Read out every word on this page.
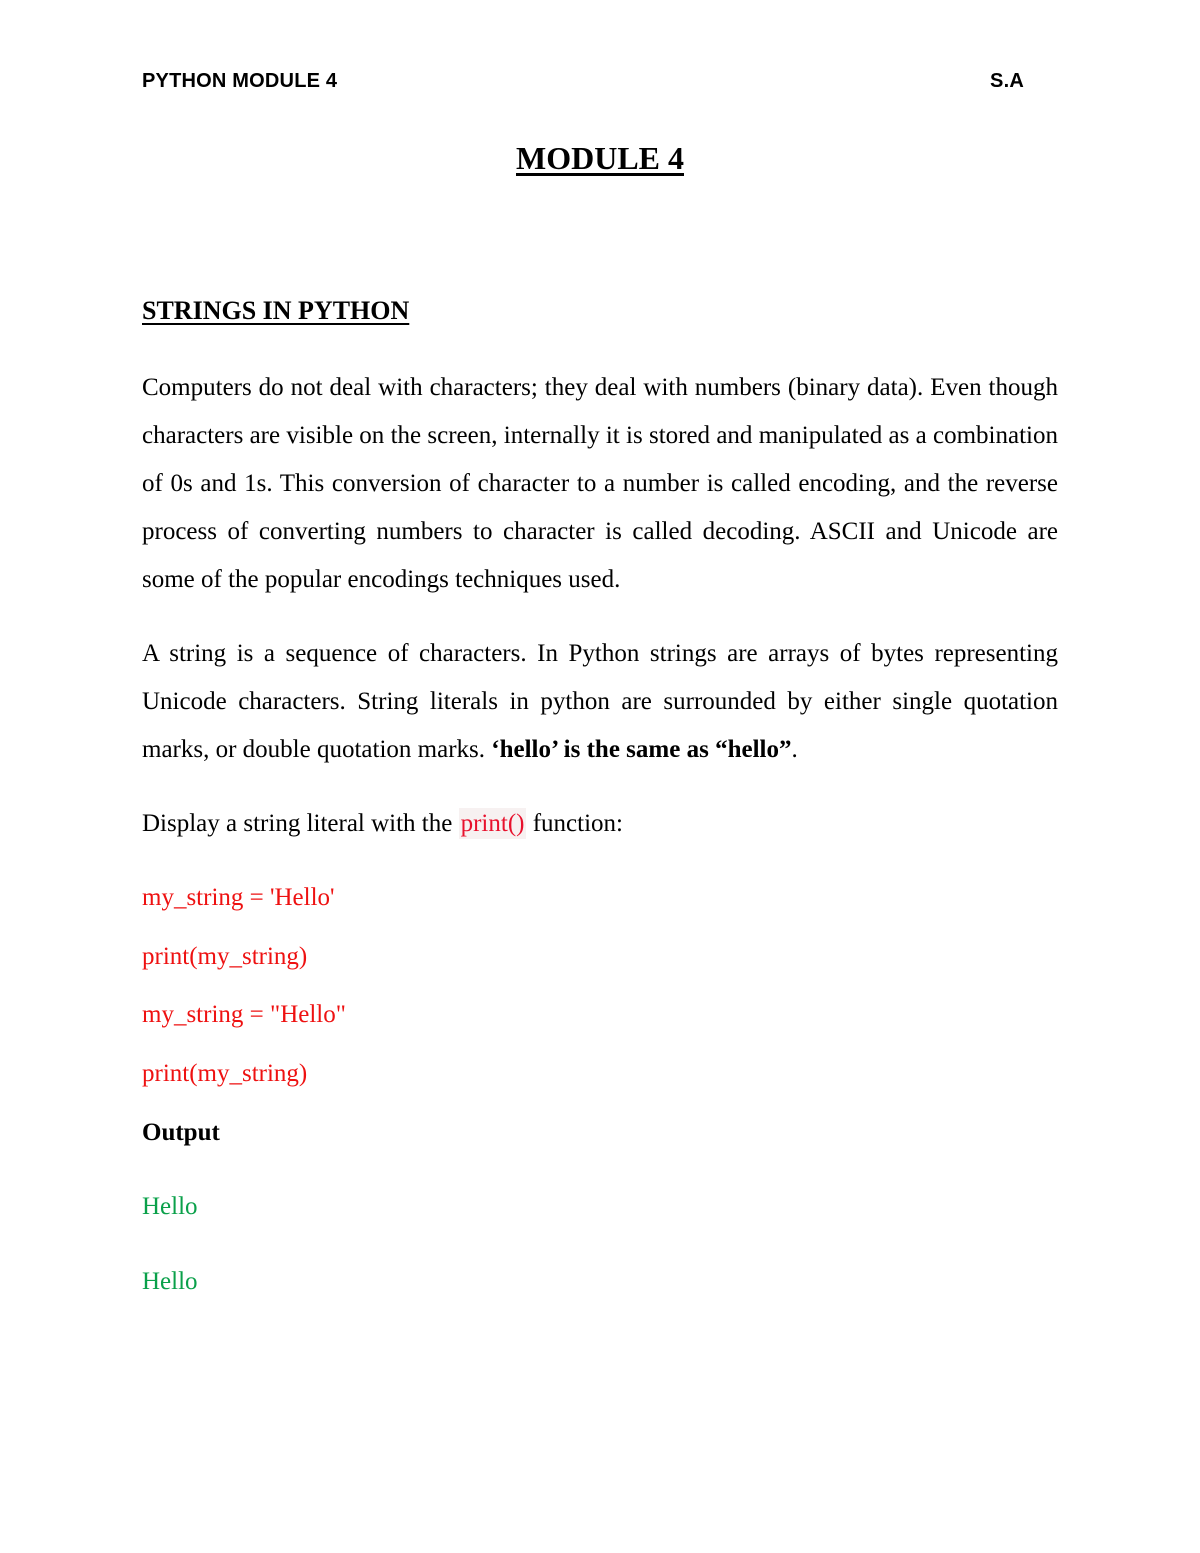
PYTHON MODULE 4	S.A
MODULE 4
STRINGS IN PYTHON

Computers do not deal with characters; they deal with numbers (binary data). Even though characters are visible on the screen, internally it is stored and manipulated as a combination of 0s and 1s. This conversion of character to a number is called encoding, and the reverse process of converting numbers to character is called decoding. ASCII and Unicode are some of the popular encodings techniques used.

A string is a sequence of characters. In Python strings are arrays of bytes representing Unicode characters. String literals in python are surrounded by either single quotation marks, or double quotation marks. ‘hello’ is the same as “hello”.

Display a string literal with the print() function:

my_string = 'Hello'

print(my_string)

my_string = "Hello"

print(my_string)

Output

Hello

Hello
